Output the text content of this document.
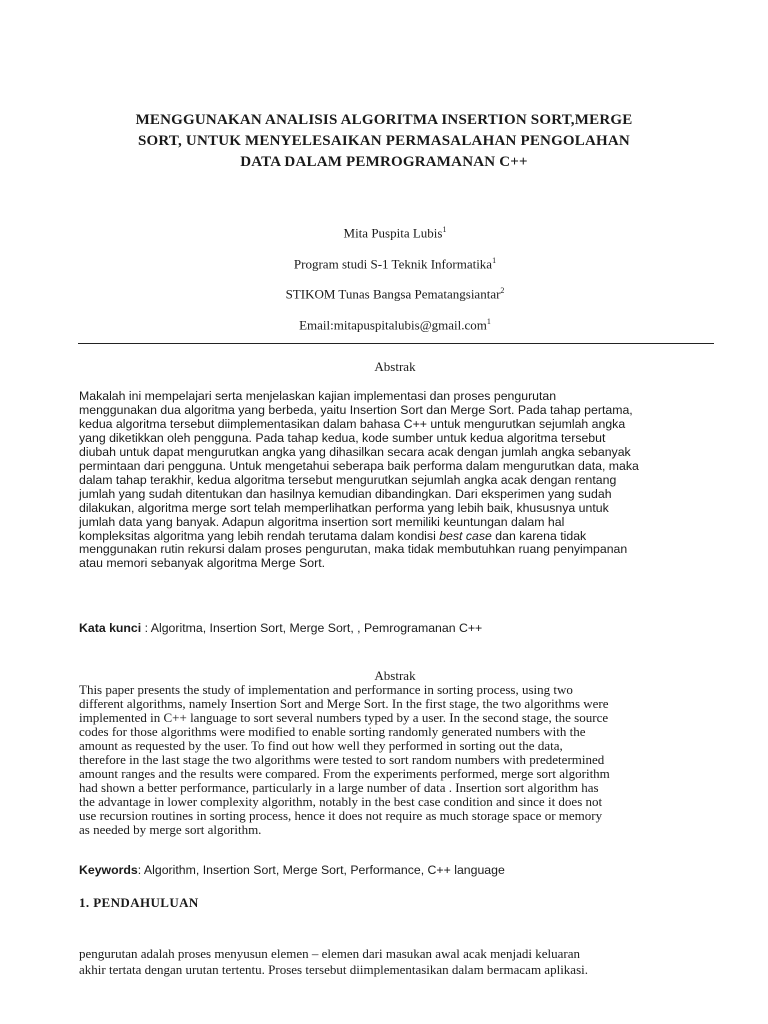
MENGGUNAKAN ANALISIS ALGORITMA INSERTION SORT,MERGE
SORT, UNTUK MENYELESAIKAN PERMASALAHAN PENGOLAHAN
DATA DALAM PEMROGRAMANAN C++
Mita Puspita Lubis$^1$
Program studi S-1 Teknik Informatika$^1$
STIKOM Tunas Bangsa Pematangsiantar$^2$
Email:mitapuspitalubis@gmail.com$^1$
Abstrak
Makalah ini mempelajari serta menjelaskan kajian implementasi dan proses pengurutan
menggunakan dua algoritma yang berbeda, yaitu Insertion Sort dan Merge Sort. Pada tahap pertama,
kedua algoritma tersebut diimplementasikan dalam bahasa C++ untuk mengurutkan sejumlah angka
yang diketikkan oleh pengguna. Pada tahap kedua, kode sumber untuk kedua algoritma tersebut
diubah untuk dapat mengurutkan angka yang dihasilkan secara acak dengan jumlah angka sebanyak
permintaan dari pengguna. Untuk mengetahui seberapa baik performa dalam mengurutkan data, maka
dalam tahap terakhir, kedua algoritma tersebut mengurutkan sejumlah angka acak dengan rentang
jumlah yang sudah ditentukan dan hasilnya kemudian dibandingkan. Dari eksperimen yang sudah
dilakukan, algoritma merge sort telah memperlihatkan performa yang lebih baik, khususnya untuk
jumlah data yang banyak. Adapun algoritma insertion sort memiliki keuntungan dalam hal
kompleksitas algoritma yang lebih rendah terutama dalam kondisi best case dan karena tidak
menggunakan rutin rekursi dalam proses pengurutan, maka tidak membutuhkan ruang penyimpanan
atau memori sebanyak algoritma Merge Sort.
Kata kunci : Algoritma, Insertion Sort, Merge Sort, , Pemrogramanan C++
Abstrak
This paper presents the study of implementation and performance in sorting process, using two
different algorithms, namely Insertion Sort and Merge Sort. In the first stage, the two algorithms were
implemented in C++ language to sort several numbers typed by a user. In the second stage, the source
codes for those algorithms were modified to enable sorting randomly generated numbers with the
amount as requested by the user. To find out how well they performed in sorting out the data,
therefore in the last stage the two algorithms were tested to sort random numbers with predetermined
amount ranges and the results were compared. From the experiments performed, merge sort algorithm
had shown a better performance, particularly in a large number of data . Insertion sort algorithm has
the advantage in lower complexity algorithm, notably in the best case condition and since it does not
use recursion routines in sorting process, hence it does not require as much storage space or memory
as needed by merge sort algorithm.
Keywords: Algorithm, Insertion Sort, Merge Sort, Performance, C++ language
1. PENDAHULUAN
pengurutan adalah proses menyusun elemen – elemen dari masukan awal acak menjadi keluaran
akhir tertata dengan urutan tertentu. Proses tersebut diimplementasikan dalam bermacam aplikasi.
